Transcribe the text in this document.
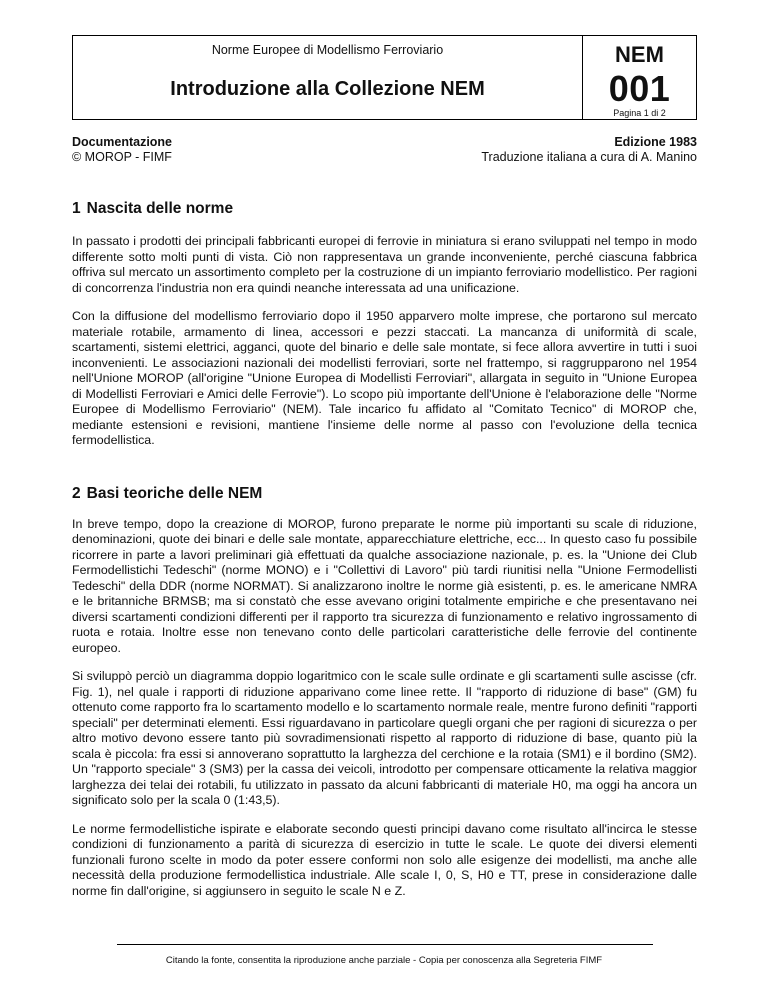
Norme Europee di Modellismo Ferroviario
Introduzione alla Collezione NEM
NEM
001
Pagina 1 di 2
Documentazione
© MOROP - FIMF
Edizione 1983
Traduzione italiana a cura di A. Manino
1 Nascita delle norme

In passato i prodotti dei principali fabbricanti europei di ferrovie in miniatura si erano sviluppati nel tempo in modo differente sotto molti punti di vista. Ciò non rappresentava un grande inconveniente, perché ciascuna fabbrica offriva sul mercato un assortimento completo per la costruzione di un impianto ferroviario modellistico. Per ragioni di concorrenza l'industria non era quindi neanche interessata ad una unificazione.

Con la diffusione del modellismo ferroviario dopo il 1950 apparvero molte imprese, che portarono sul mercato materiale rotabile, armamento di linea, accessori e pezzi staccati. La mancanza di uniformità di scale, scartamenti, sistemi elettrici, agganci, quote del binario e delle sale montate, si fece allora avvertire in tutti i suoi inconvenienti. Le associazioni nazionali dei modellisti ferroviari, sorte nel frattempo, si raggrupparono nel 1954 nell'Unione MOROP (all'origine "Unione Europea di Modellisti Ferroviari", allargata in seguito in "Unione Europea di Modellisti Ferroviari e Amici delle Ferrovie"). Lo scopo più importante dell'Unione è l'elaborazione delle "Norme Europee di Modellismo Ferroviario" (NEM). Tale incarico fu affidato al "Comitato Tecnico" di MOROP che, mediante estensioni e revisioni, mantiene l'insieme delle norme al passo con l'evoluzione della tecnica fermodellistica.

2 Basi teoriche delle NEM

In breve tempo, dopo la creazione di MOROP, furono preparate le norme più importanti su scale di riduzione, denominazioni, quote dei binari e delle sale montate, apparecchiature elettriche, ecc... In questo caso fu possibile ricorrere in parte a lavori preliminari già effettuati da qualche associazione nazionale, p. es. la "Unione dei Club Fermodellistichi Tedeschi" (norme MONO) e i "Collettivi di Lavoro" più tardi riunitisi nella "Unione Fermodellisti Tedeschi" della DDR (norme NORMAT). Si analizzarono inoltre le norme già esistenti, p. es. le americane NMRA e le britanniche BRMSB; ma si constatò che esse avevano origini totalmente empiriche e che presentavano nei diversi scartamenti condizioni differenti per il rapporto tra sicurezza di funzionamento e relativo ingrossamento di ruota e rotaia. Inoltre esse non tenevano conto delle particolari caratteristiche delle ferrovie del continente europeo.

Si sviluppò perciò un diagramma doppio logaritmico con le scale sulle ordinate e gli scartamenti sulle ascisse (cfr. Fig. 1), nel quale i rapporti di riduzione apparivano come linee rette. Il "rapporto di riduzione di base" (GM) fu ottenuto come rapporto fra lo scartamento modello e lo scartamento normale reale, mentre furono definiti "rapporti speciali" per determinati elementi. Essi riguardavano in particolare quegli organi che per ragioni di sicurezza o per altro motivo devono essere tanto più sovradimensionati rispetto al rapporto di riduzione di base, quanto più la scala è piccola: fra essi si annoverano soprattutto la larghezza del cerchione e la rotaia (SM1) e il bordino (SM2). Un "rapporto speciale" 3 (SM3) per la cassa dei veicoli, introdotto per compensare otticamente la relativa maggior larghezza dei telai dei rotabili, fu utilizzato in passato da alcuni fabbricanti di materiale H0, ma oggi ha ancora un significato solo per la scala 0 (1:43,5).

Le norme fermodellistiche ispirate e elaborate secondo questi principi davano come risultato all'incirca le stesse condizioni di funzionamento a parità di sicurezza di esercizio in tutte le scale. Le quote dei diversi elementi funzionali furono scelte in modo da poter essere conformi non solo alle esigenze dei modellisti, ma anche alle necessità della produzione fermodellistica industriale. Alle scale I, 0, S, H0 e TT, prese in considerazione dalle norme fin dall'origine, si aggiunsero in seguito le scale N e Z.

Citando la fonte, consentita la riproduzione anche parziale - Copia per conoscenza alla Segreteria FIMF
